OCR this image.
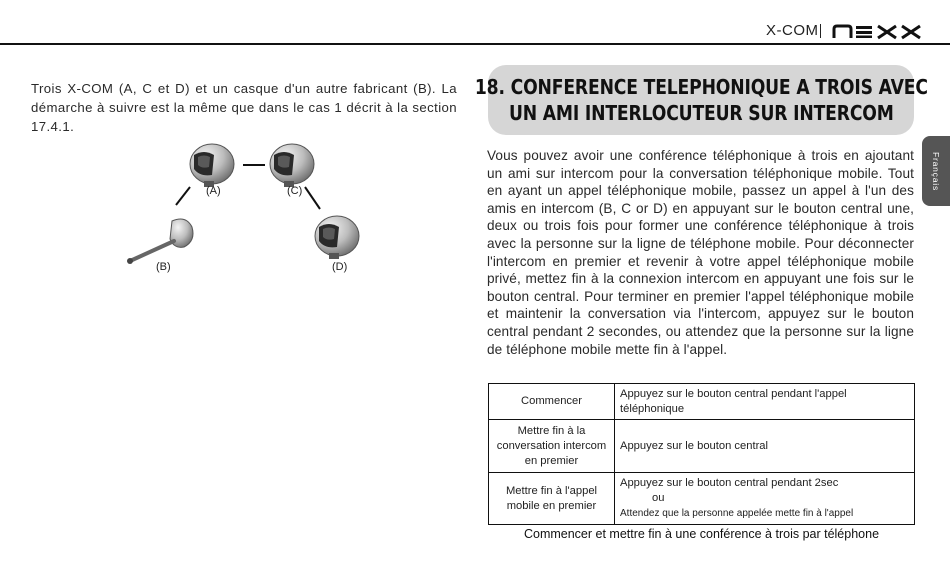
X-COM

Trois X-COM (A, C et D) et un casque d'un autre fabricant (B). La démarche à suivre est la même que dans le cas 1 décrit à la section 17.4.1.

(A)	(C)
(B)	(D)
18. CONFERENCE TELEPHONIQUE A TROIS AVEC
UN AMI INTERLOCUTEUR SUR INTERCOM
Français

Vous pouvez avoir une conférence téléphonique à trois en ajoutant un ami sur intercom pour la conversation téléphonique mobile. Tout en ayant un appel téléphonique mobile, passez un appel à l'un des amis en intercom (B, C or D) en appuyant sur le bouton central une, deux ou trois fois pour former une conférence téléphonique à trois avec la personne sur la ligne de téléphone mobile. Pour déconnecter l'intercom en premier et revenir à votre appel téléphonique mobile privé, mettez fin à la connexion intercom en appuyant une fois sur le bouton central. Pour terminer en premier l'appel téléphonique mobile et maintenir la conversation via l'intercom, appuyez sur le bouton central pendant 2 secondes, ou attendez que la personne sur la ligne de téléphone mobile mette fin à l'appel.

Commencer	Appuyez sur le bouton central pendant l'appel téléphonique
Mettre fin à la conversation intercom en premier	Appuyez sur le bouton central
Mettre fin à l'appel mobile en premier	Appuyez sur le bouton central pendant 2sec
ou
Attendez que la personne appelée mette fin à l'appel
Commencer et mettre fin à une conférence à trois par téléphone
